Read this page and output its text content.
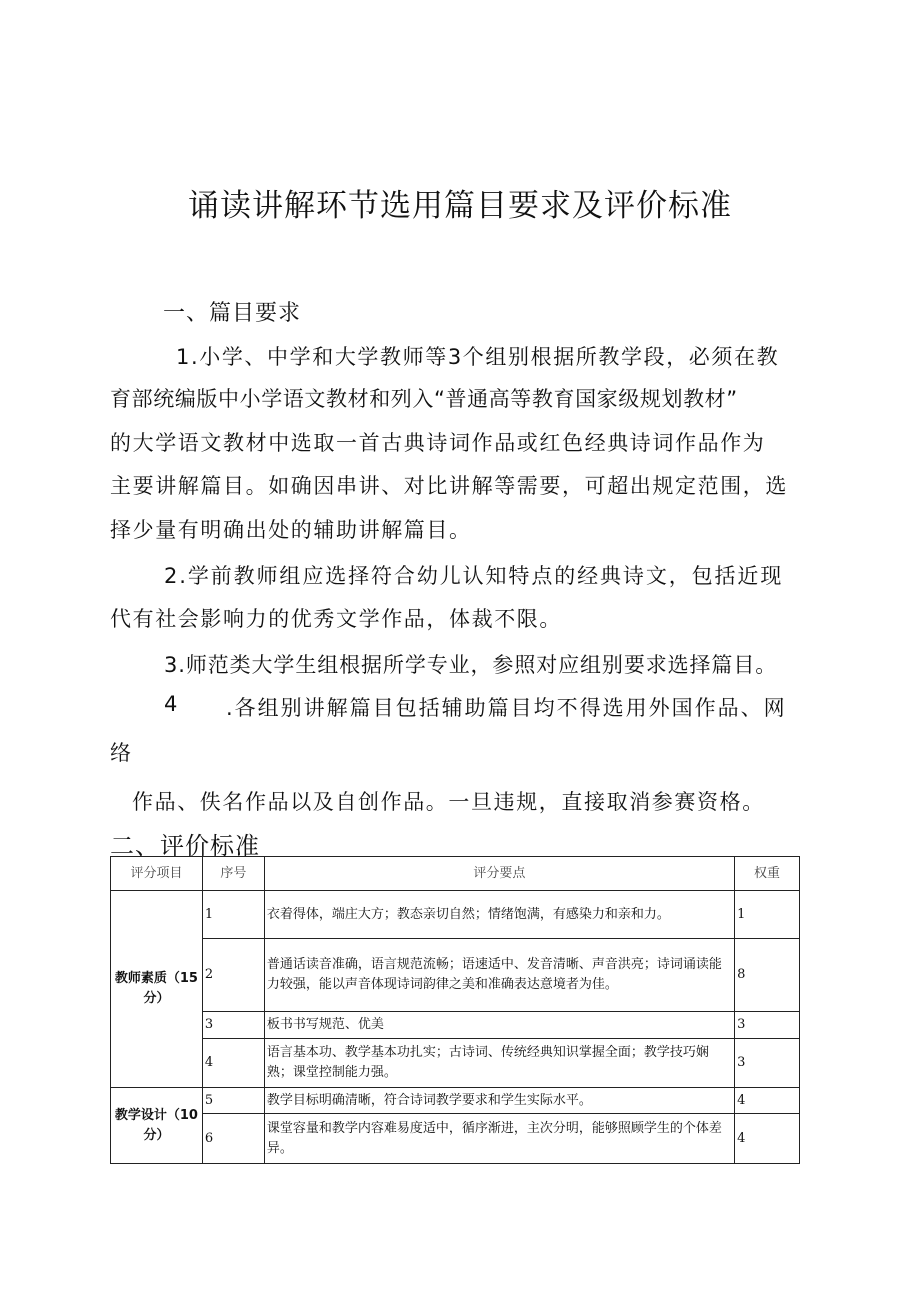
诵读讲解环节选用篇目要求及评价标准
一、篇目要求
1.小学、中学和大学教师等3个组别根据所教学段，必须在教
育部统编版中小学语文教材和列入“普通高等教育国家级规划教材”
的大学语文教材中选取一首古典诗词作品或红色经典诗词作品作为
主要讲解篇目。如确因串讲、对比讲解等需要，可超出规定范围，选
择少量有明确出处的辅助讲解篇目。
2.学前教师组应选择符合幼儿认知特点的经典诗文，包括近现
代有社会影响力的优秀文学作品，体裁不限。
3.师范类大学生组根据所学专业，参照对应组别要求选择篇目。
4 .各组别讲解篇目包括辅助篇目均不得选用外国作品、网
络
作品、佚名作品以及自创作品。一旦违规，直接取消参赛资格。
二、评价标准
评分项目	序号	评分要点	权重
教师素质（15分）	1	衣着得体，端庄大方；教态亲切自然；情绪饱满，有感染力和亲和力。	1
	2	普通话读音准确，语言规范流畅；语速适中、发音清晰、声音洪亮；诗词诵读能力较强，能以声音体现诗词韵律之美和准确表达意境者为佳。	8
	3	板书书写规范、优美	3
	4	语言基本功、教学基本功扎实；古诗词、传统经典知识掌握全面；教学技巧娴熟；课堂控制能力强。	3
教学设计（10分）	5	教学目标明确清晰，符合诗词教学要求和学生实际水平。	4
	6	课堂容量和教学内容难易度适中，循序渐进，主次分明，能够照顾学生的个体差异。	4
